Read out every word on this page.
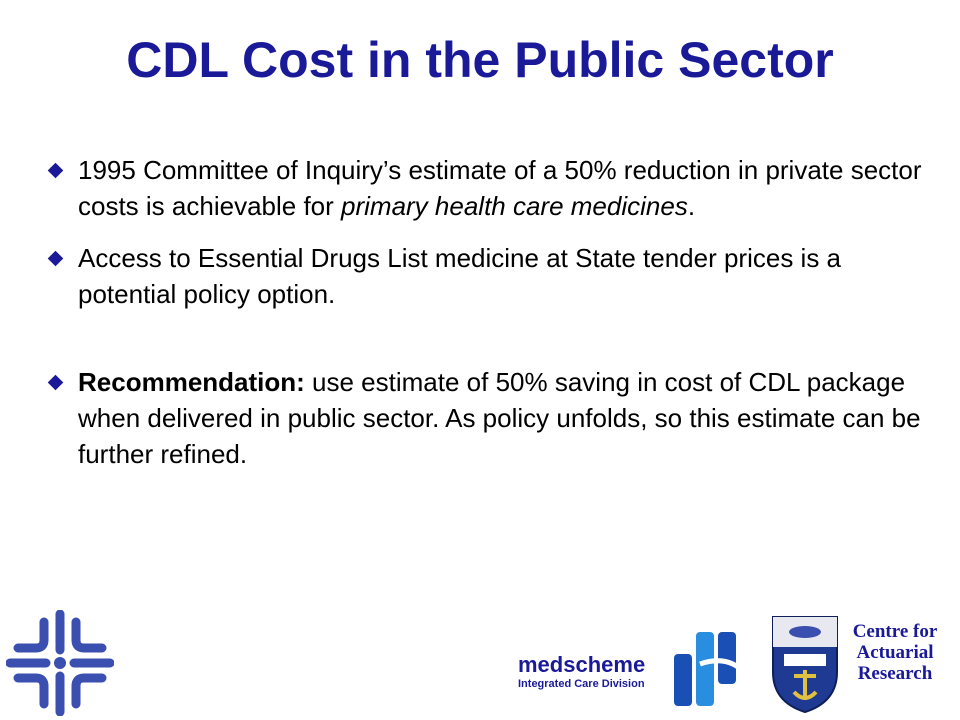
CDL Cost in the Public Sector
1995 Committee of Inquiry’s estimate of a 50% reduction in private sector costs is achievable for primary health care medicines.
Access to Essential Drugs List medicine at State tender prices is a potential policy option.
Recommendation: use estimate of 50% saving in cost of CDL package when delivered in public sector. As policy unfolds, so this estimate can be further refined.
medscheme
Integrated Care Division
Centre for
Actuarial
Research
